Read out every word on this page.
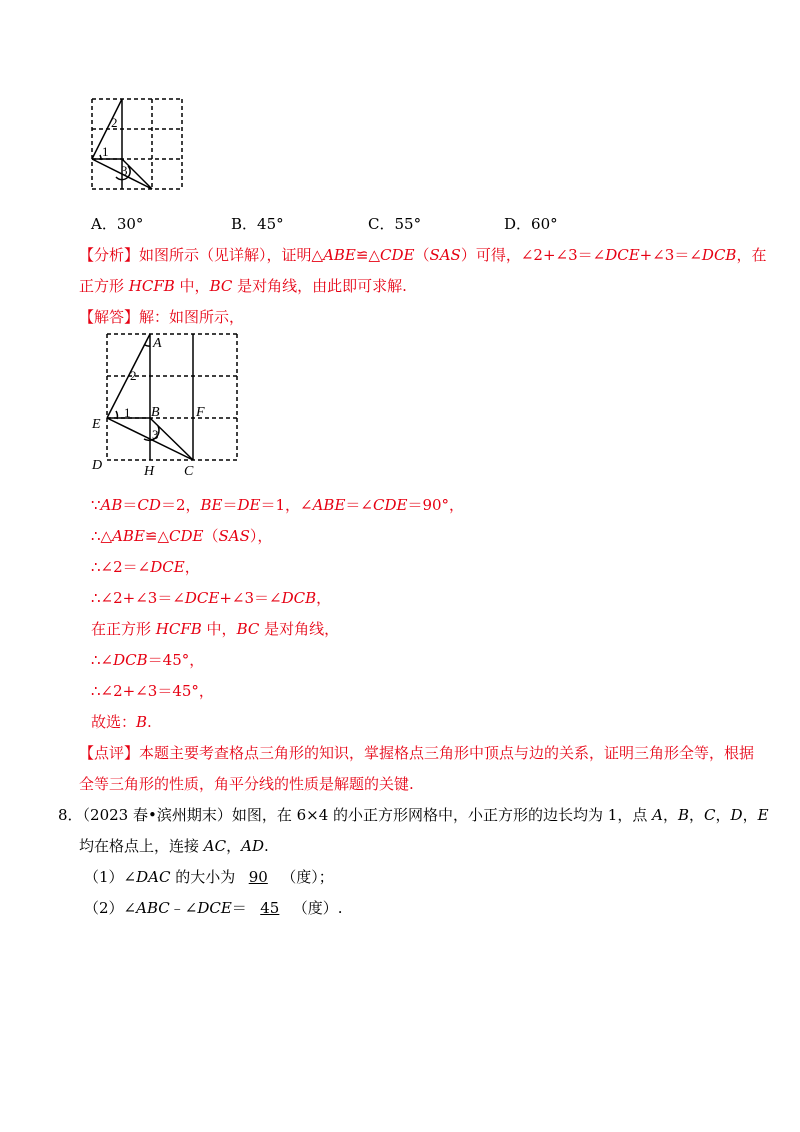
2
1
3
A．30°	B．45°	C．55°	D．60°
【分析】如图所示（见详解），证明△ABE≌△CDE（SAS）可得，∠2+∠3＝∠DCE+∠3＝∠DCB，在
正方形 HCFB 中，BC 是对角线，由此即可求解.
【解答】解：如图所示，
A
2
1 B	F
E
3
D	H C
∵AB＝CD＝2，BE＝DE＝1，∠ABE＝∠CDE＝90°，
∴△ABE≌△CDE（SAS），
∴∠2＝∠DCE，
∴∠2+∠3＝∠DCE+∠3＝∠DCB，
在正方形 HCFB 中，BC 是对角线，
∴∠DCB＝45°，
∴∠2+∠3＝45°，
故选：B.
【点评】本题主要考查格点三角形的知识，掌握格点三角形中顶点与边的关系，证明三角形全等，根据
全等三角形的性质，角平分线的性质是解题的关键.
8．（2023 春•滨州期末）如图，在 6×4 的小正方形网格中，小正方形的边长均为 1，点 A，B，C，D，E
均在格点上，连接 AC，AD.
（1）∠DAC 的大小为 90 （度）；
（2）∠ABC﹣∠DCE＝ 45 （度）.
